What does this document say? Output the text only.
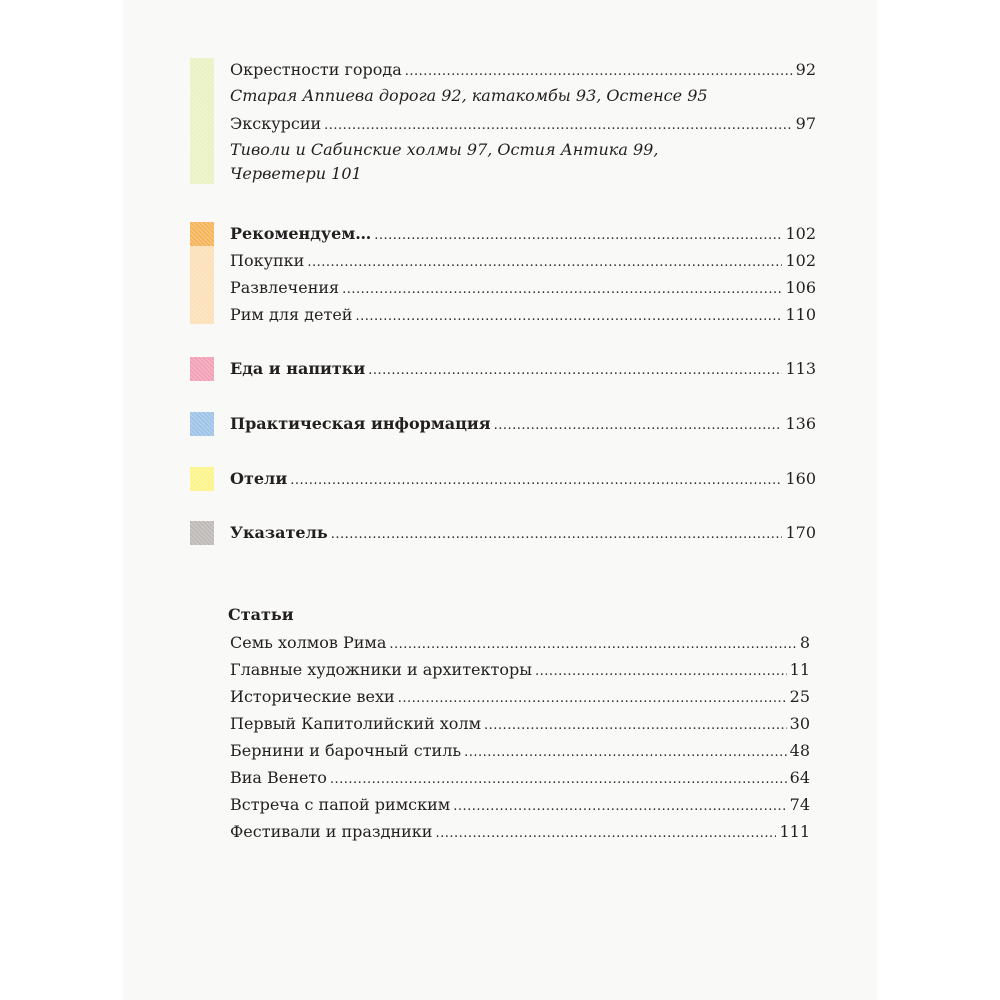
Окрестности города .....	92
Старая Аппиева дорога 92, катакомбы 93, Остенсе 95
Экскурсии .....	97
Тиволи и Сабинские холмы 97, Остия Антика 99,
Черветери 101
Рекомендуем… .....	102
Покупки .....	102
Развлечения .....	106
Рим для детей .....	110
Еда и напитки .....	113
Практическая информация .....	136
Отели .....	160
Указатель .....	170
Статьи
Семь холмов Рима .....	8
Главные художники и архитекторы .....	11
Исторические вехи .....	25
Первый Капитолийский холм .....	30
Бернини и барочный стиль .....	48
Виа Венето .....	64
Встреча с папой римским .....	74
Фестивали и праздники .....	111
